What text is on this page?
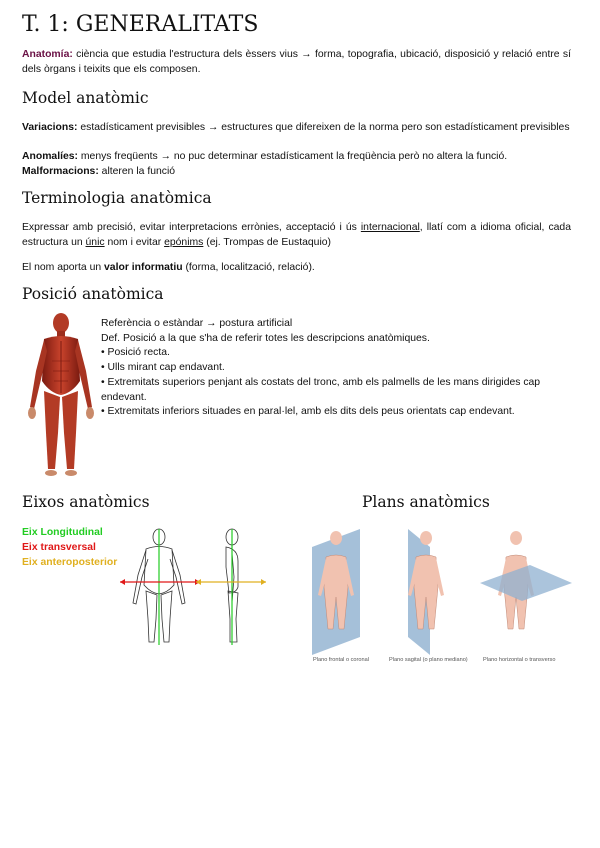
T. 1: GENERALITATS

Anatomía: ciència que estudia l'estructura dels èssers vius → forma, topografia, ubicació, disposició y relació entre sí dels òrgans i teixits que els composen.

Model anatòmic

Variacions: estadísticament previsibles → estructures que difereixen de la norma pero son estadísticament previsibles

Anomalíes: menys freqüents → no puc determinar estadísticament la freqüència però no altera la funció.

Malformacions: alteren la funció

Terminologia anatòmica

Expressar amb precisió, evitar interpretacions errònies, acceptació i ús internacional, llatí com a idioma oficial, cada estructura un únic nom i evitar epónims (ej. Trompas de Eustaquio)

El nom aporta un valor informatiu (forma, localització, relació).

Posició anatòmica
Referència o estàndar → postura artificial
Def. Posició a la que s'ha de referir totes les descripcions anatòmiques.
• Posició recta.
• Ulls mirant cap endavant.
• Extremitats superiors penjant als costats del tronc, amb els palmells de les mans dirigides cap endevant.
• Extremitats inferiors situades en paral·lel, amb els dits dels peus orientats cap endevant.
Eixos anatòmics	Plans anatòmics
Eix Longitudinal
Eix transversal
Eix anteroposterior
Plano frontal o coronal	Plano sagital (o plano mediano)	Plano horizontal o transverso
